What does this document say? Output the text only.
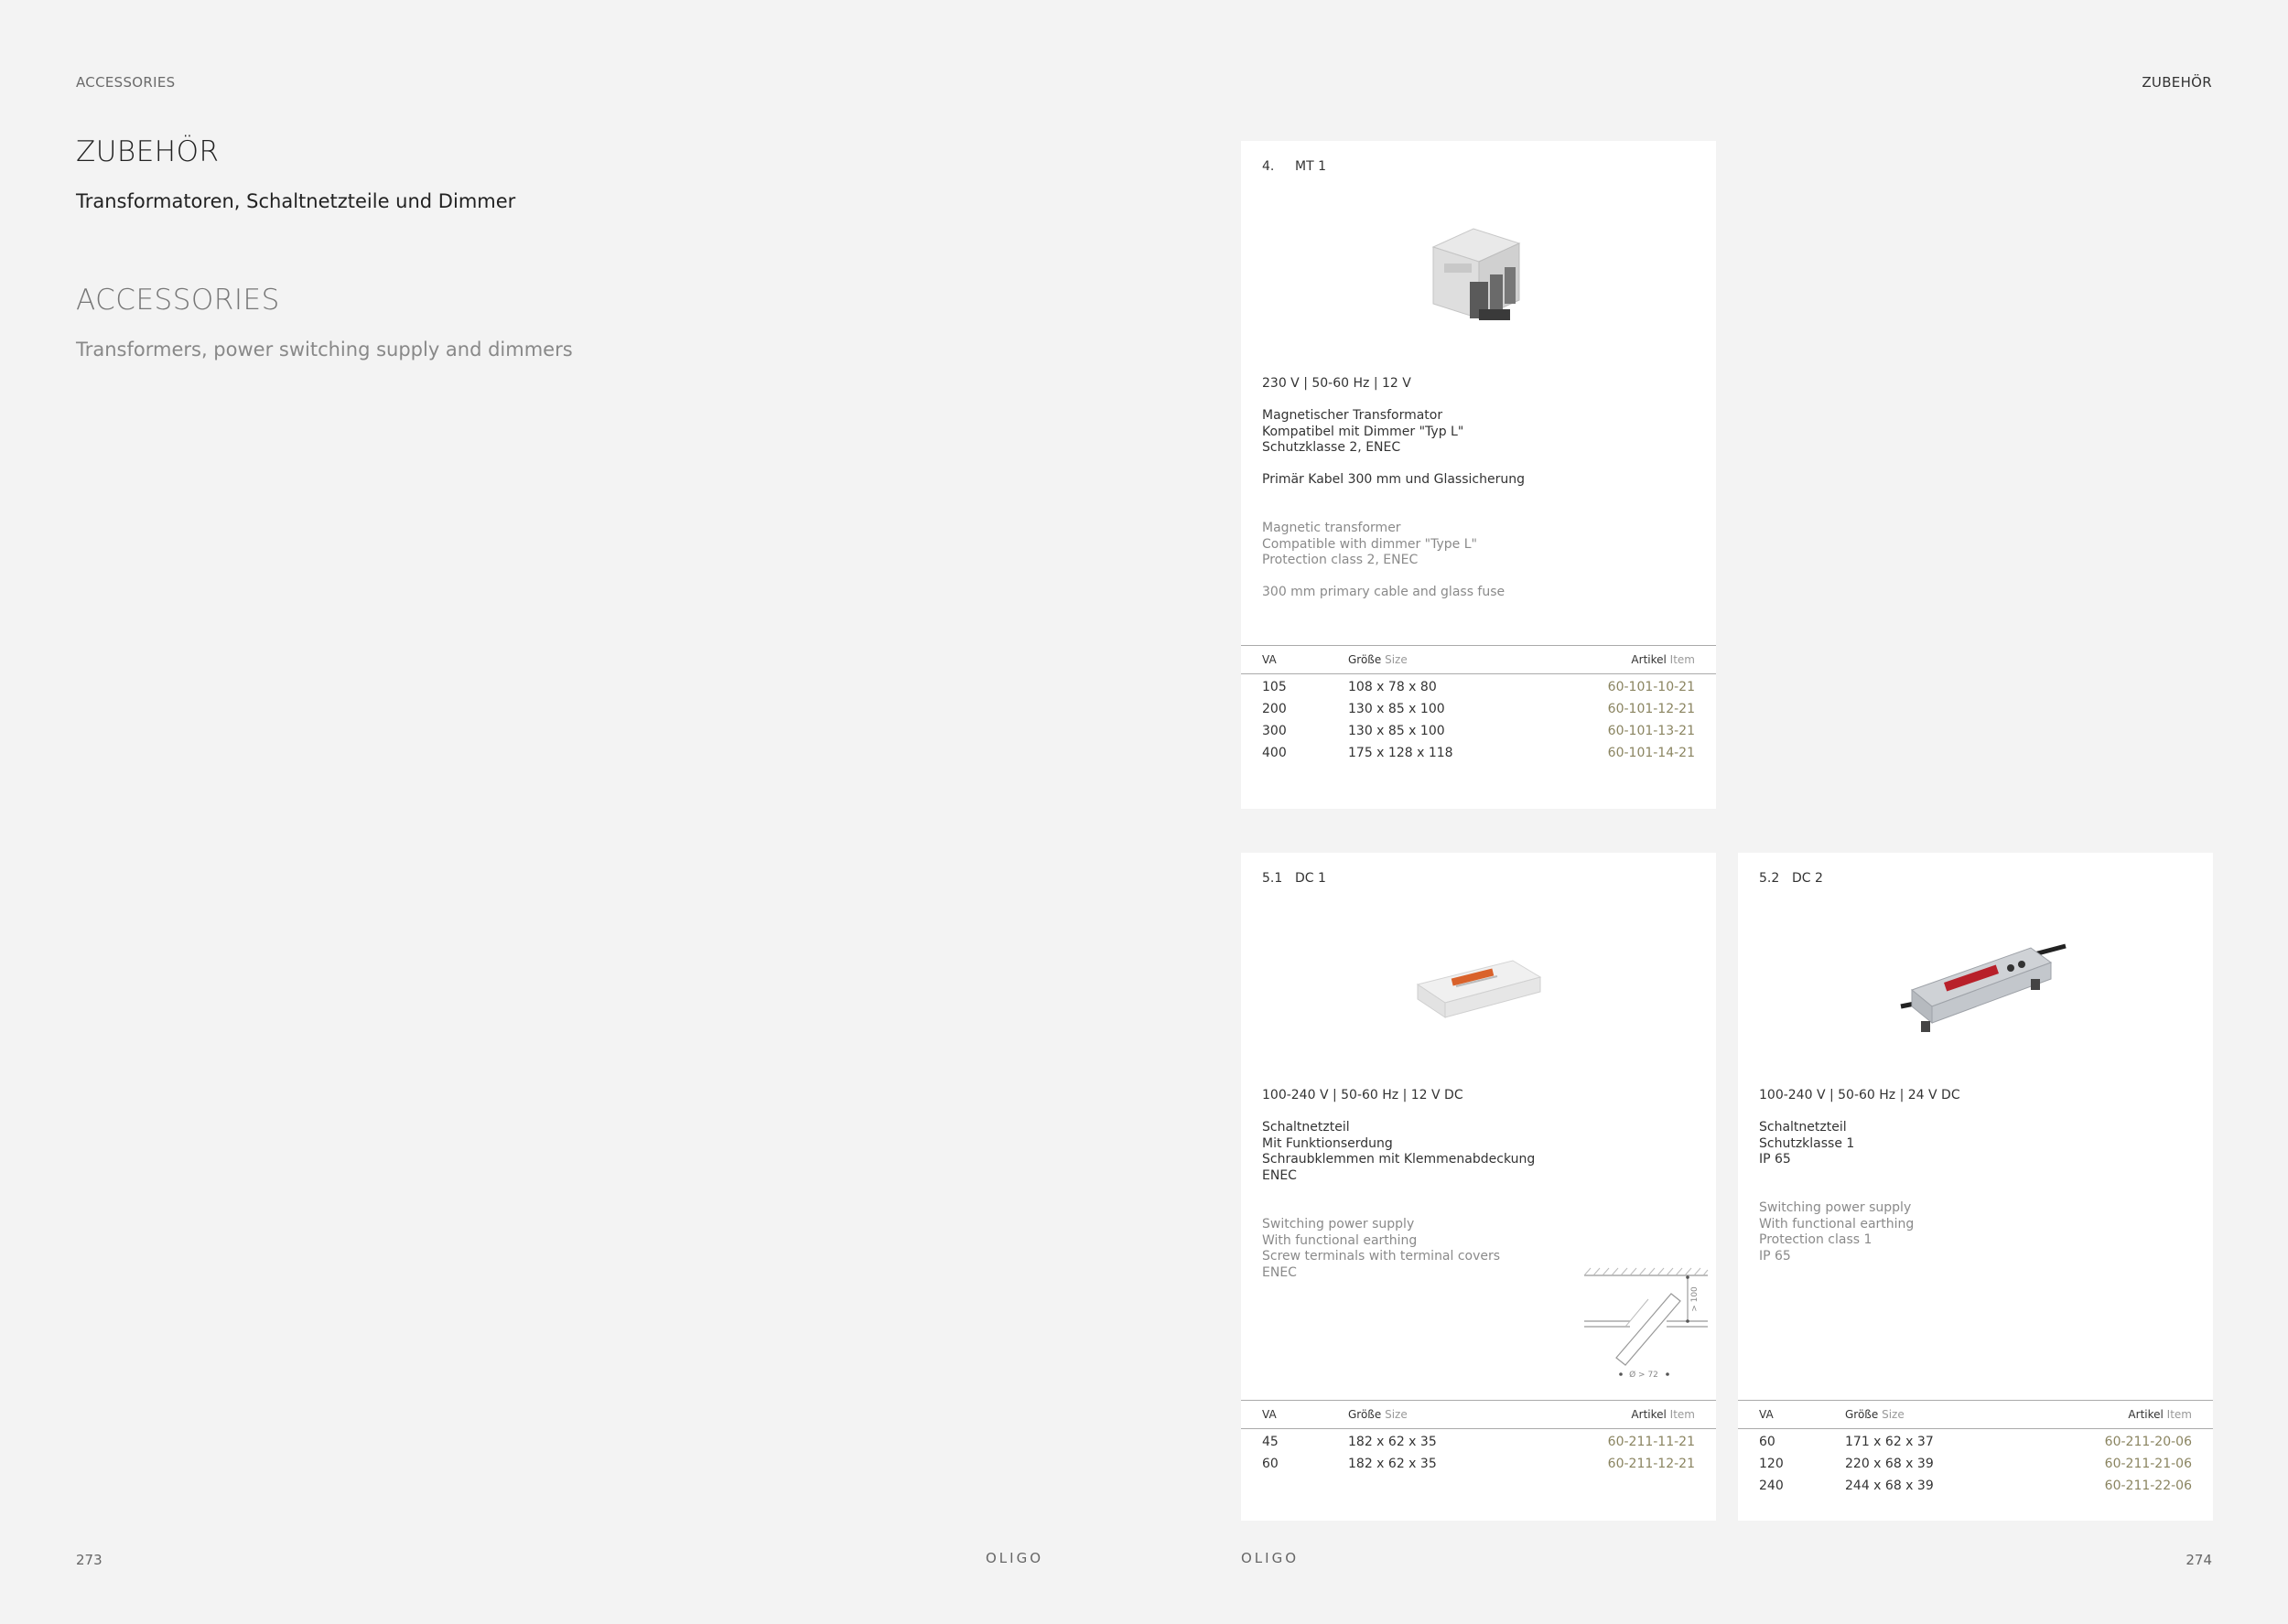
ACCESSORIES	ZUBEHÖR
ZUBEHÖR
Transformatoren, Schaltnetzteile und Dimmer
ACCESSORIES
Transformers, power switching supply and dimmers
4. MT 1
230 V | 50-60 Hz | 12 V
Magnetischer Transformator
Kompatibel mit Dimmer "Typ L"
Schutzklasse 2, ENEC
Primär Kabel 300 mm und Glassicherung
Magnetic transformer
Compatible with dimmer "Type L"
Protection class 2, ENEC
300 mm primary cable and glass fuse
VA	Größe Size	Artikel Item
105	108 x 78 x 80	60-101-10-21
200	130 x 85 x 100	60-101-12-21
300	130 x 85 x 100	60-101-13-21
400	175 x 128 x 118	60-101-14-21
5.1 DC 1
100-240 V | 50-60 Hz | 12 V DC
Schaltnetzteil
Mit Funktionserdung
Schraubklemmen mit Klemmenabdeckung
ENEC
Switching power supply
With functional earthing
Screw terminals with terminal covers
ENEC
> 100
Ø > 72
VA	Größe Size	Artikel Item
45	182 x 62 x 35	60-211-11-21
60	182 x 62 x 35	60-211-12-21
5.2 DC 2
100-240 V | 50-60 Hz | 24 V DC
Schaltnetzteil
Schutzklasse 1
IP 65
Switching power supply
With functional earthing
Protection class 1
IP 65
VA	Größe Size	Artikel Item
60	171 x 62 x 37	60-211-20-06
120	220 x 68 x 39	60-211-21-06
240	244 x 68 x 39	60-211-22-06
273	OLIGO	OLIGO	274
